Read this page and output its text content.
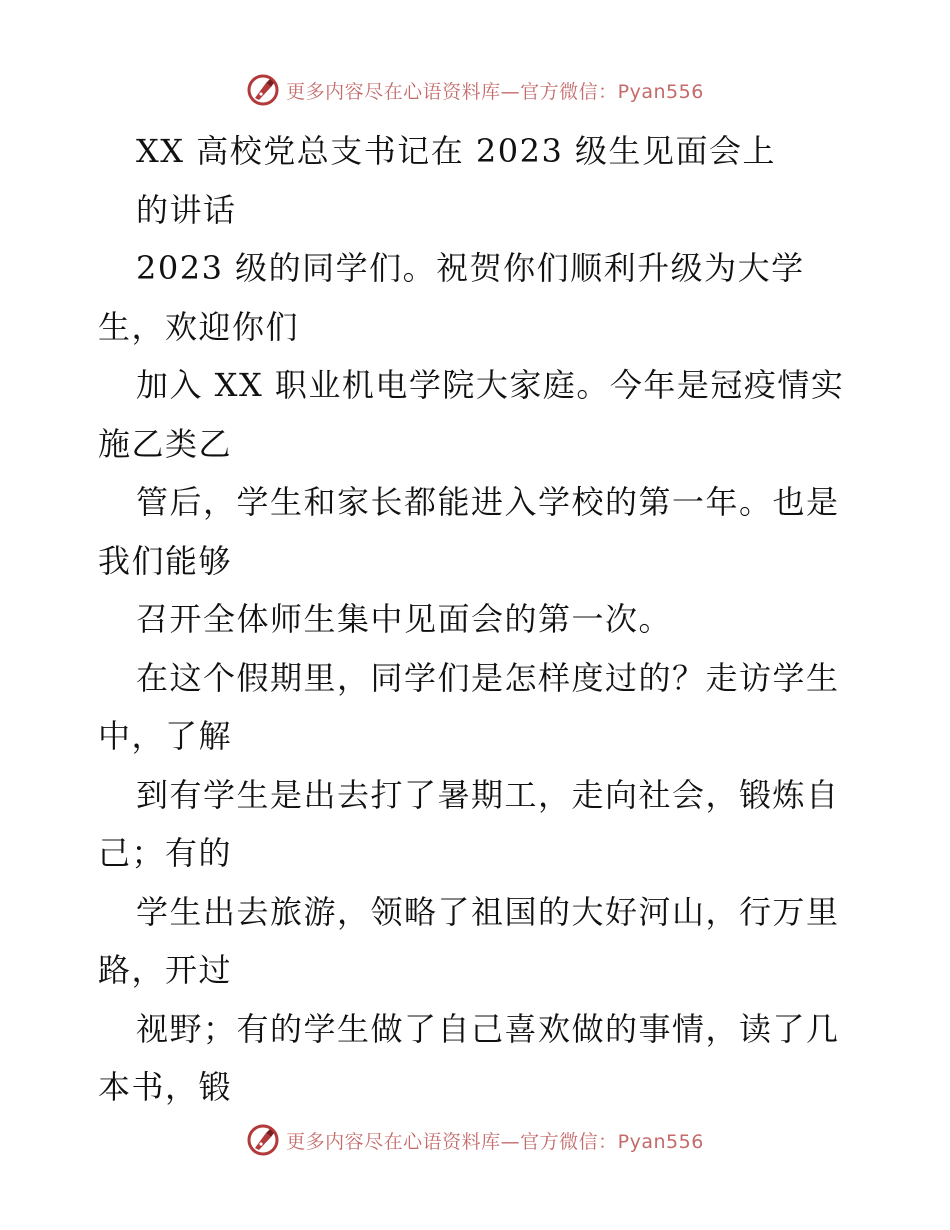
更多内容尽在心语资料库—官方微信：Pyan556
XX 高校党总支书记在 2023 级生见面会上
的讲话
2023 级的同学们。祝贺你们顺利升级为大学
生，欢迎你们
加入 XX 职业机电学院大家庭。今年是冠疫情实
施乙类乙
管后，学生和家长都能进入学校的第一年。也是
我们能够
召开全体师生集中见面会的第一次。
在这个假期里，同学们是怎样度过的？走访学生
中，了解
到有学生是出去打了暑期工，走向社会，锻炼自
己；有的
学生出去旅游，领略了祖国的大好河山，行万里
路，开过
视野；有的学生做了自己喜欢做的事情，读了几
本书，锻
更多内容尽在心语资料库—官方微信：Pyan556
